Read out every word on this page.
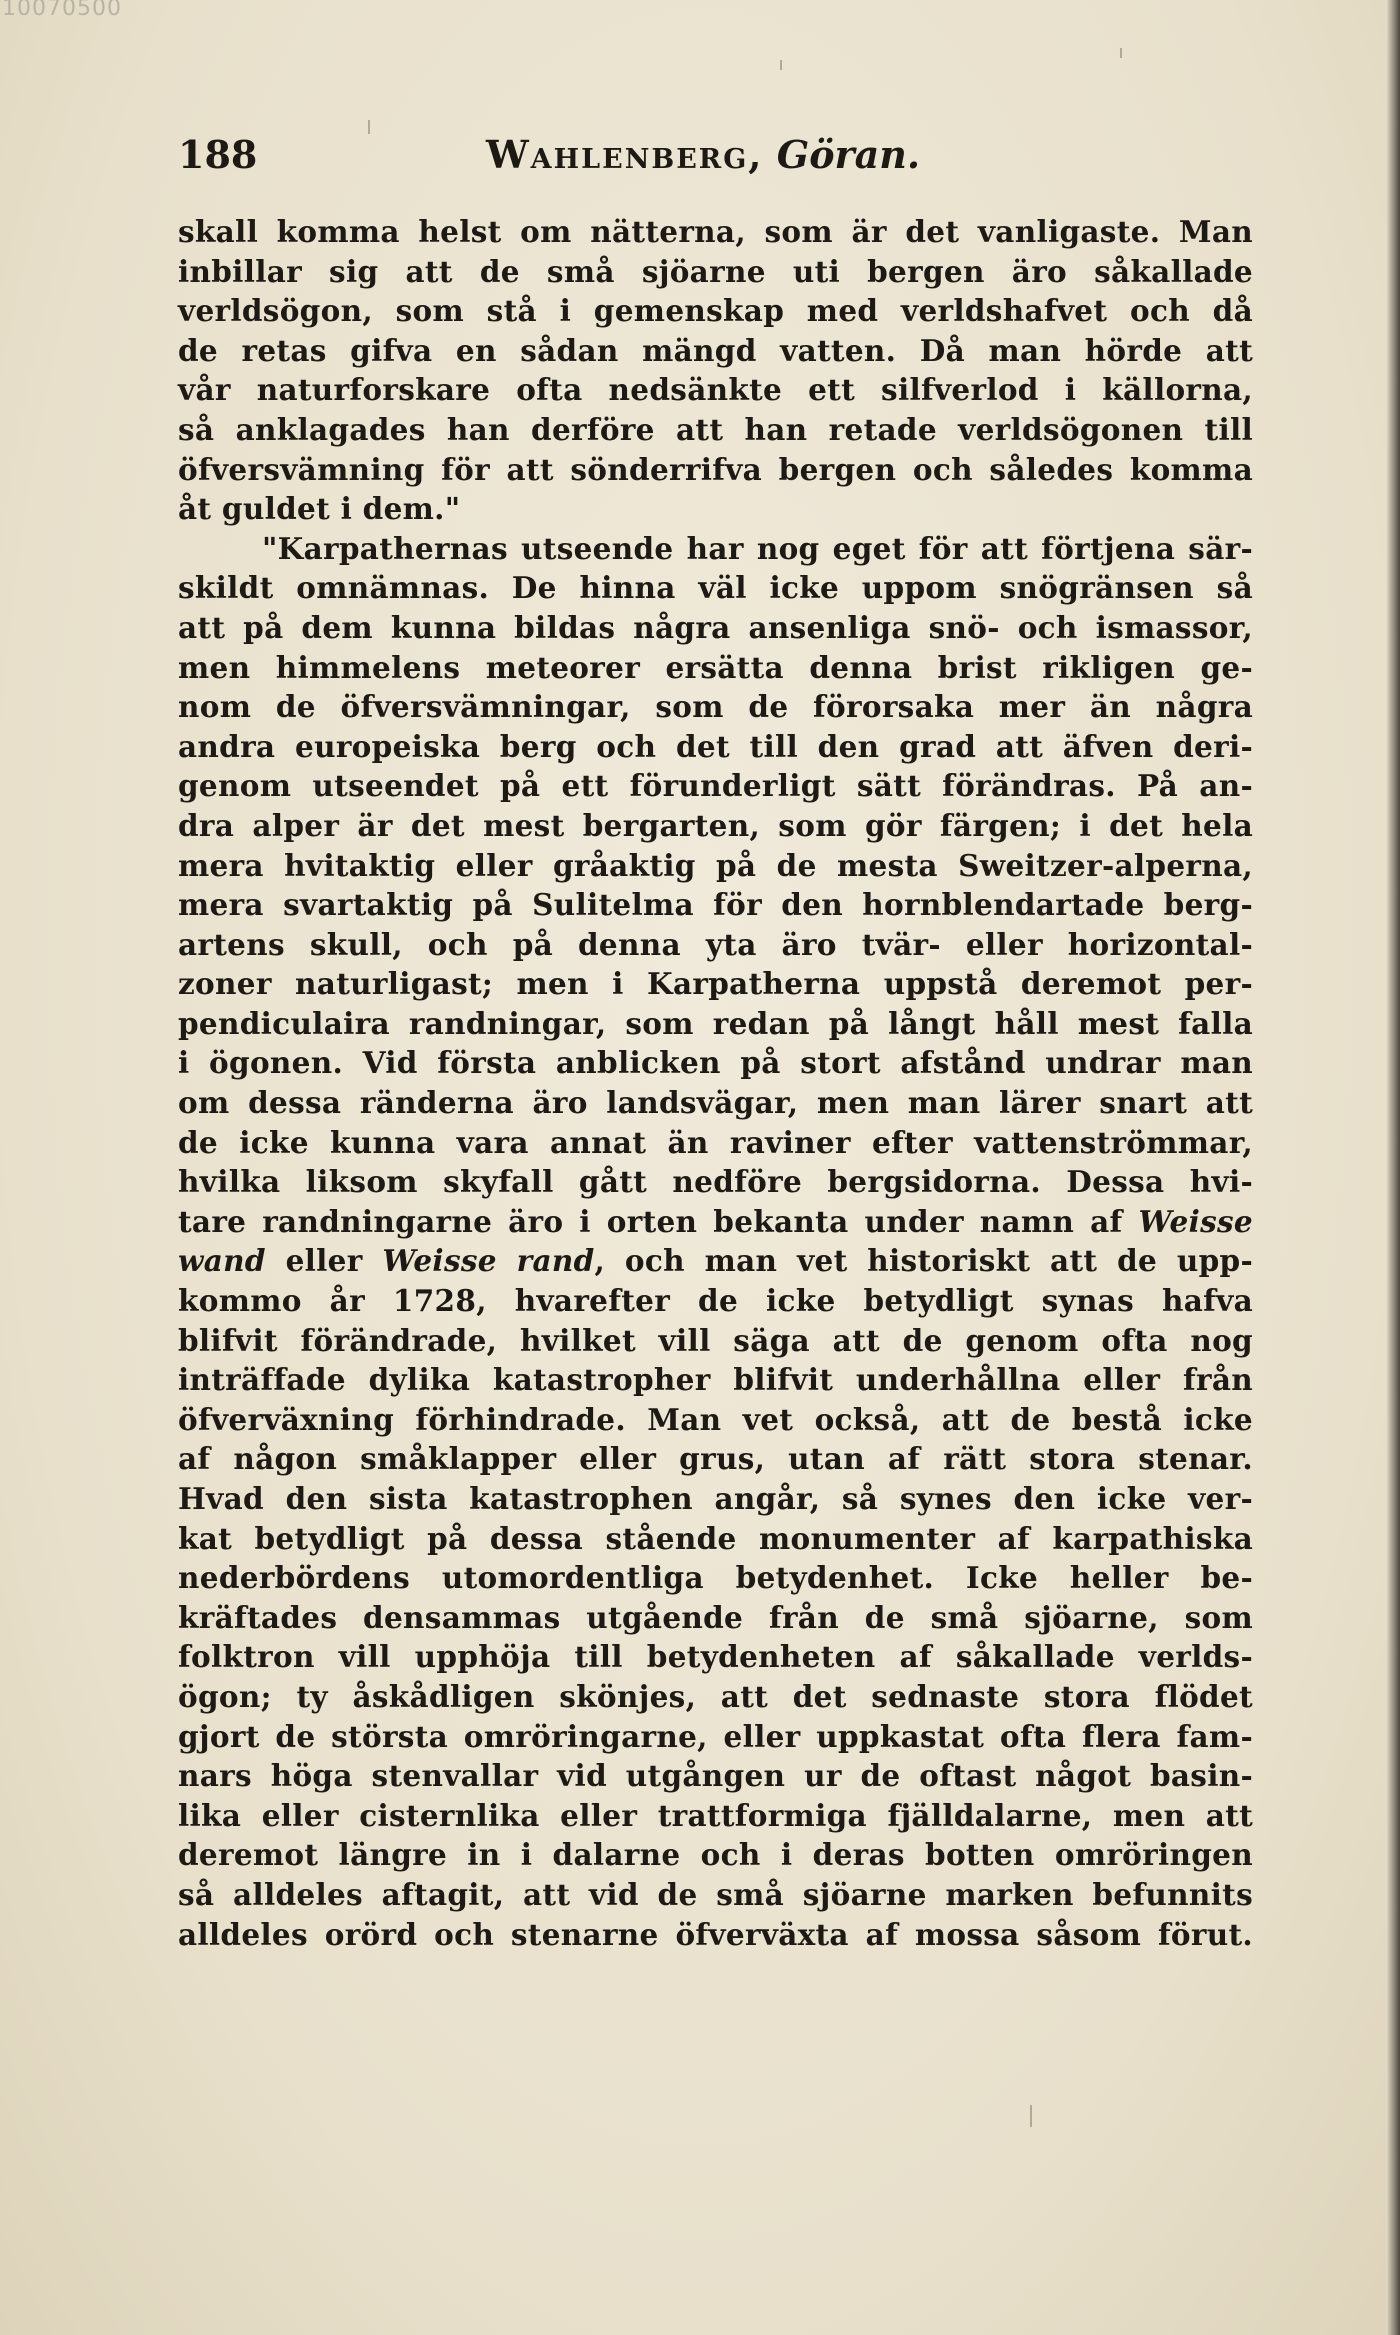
10070500
188	Wahlenberg, Göran.
skall komma helst om nätterna, som är det vanligaste. Man
inbillar sig att de små sjöarne uti bergen äro såkallade
verldsögon, som stå i gemenskap med verldshafvet och då
de retas gifva en sådan mängd vatten. Då man hörde att
vår naturforskare ofta nedsänkte ett silfverlod i källorna,
så anklagades han derföre att han retade verldsögonen till
öfversvämning för att sönderrifva bergen och således komma
åt guldet i dem."
"Karpathernas utseende har nog eget för att förtjena sär-
skildt omnämnas. De hinna väl icke uppom snögränsen så
att på dem kunna bildas några ansenliga snö- och ismassor,
men himmelens meteorer ersätta denna brist rikligen ge-
nom de öfversvämningar, som de förorsaka mer än några
andra europeiska berg och det till den grad att äfven deri-
genom utseendet på ett förunderligt sätt förändras. På an-
dra alper är det mest bergarten, som gör färgen; i det hela
mera hvitaktig eller gråaktig på de mesta Sweitzer-alperna,
mera svartaktig på Sulitelma för den hornblendartade berg-
artens skull, och på denna yta äro tvär- eller horizontal-
zoner naturligast; men i Karpatherna uppstå deremot per-
pendiculaira randningar, som redan på långt håll mest falla
i ögonen. Vid första anblicken på stort afstånd undrar man
om dessa ränderna äro landsvägar, men man lärer snart att
de icke kunna vara annat än raviner efter vattenströmmar,
hvilka liksom skyfall gått nedföre bergsidorna. Dessa hvi-
tare randningarne äro i orten bekanta under namn af Weisse
wand eller Weisse rand, och man vet historiskt att de upp-
kommo år 1728, hvarefter de icke betydligt synas hafva
blifvit förändrade, hvilket vill säga att de genom ofta nog
inträffade dylika katastropher blifvit underhållna eller från
öfverväxning förhindrade. Man vet också, att de bestå icke
af någon småklapper eller grus, utan af rätt stora stenar.
Hvad den sista katastrophen angår, så synes den icke ver-
kat betydligt på dessa stående monumenter af karpathiska
nederbördens utomordentliga betydenhet. Icke heller be-
kräftades densammas utgående från de små sjöarne, som
folktron vill upphöja till betydenheten af såkallade verlds-
ögon; ty åskådligen skönjes, att det sednaste stora flödet
gjort de största omröringarne, eller uppkastat ofta flera fam-
nars höga stenvallar vid utgången ur de oftast något basin-
lika eller cisternlika eller trattformiga fjälldalarne, men att
deremot längre in i dalarne och i deras botten omröringen
så alldeles aftagit, att vid de små sjöarne marken befunnits
alldeles orörd och stenarne öfverväxta af mossa såsom förut.
